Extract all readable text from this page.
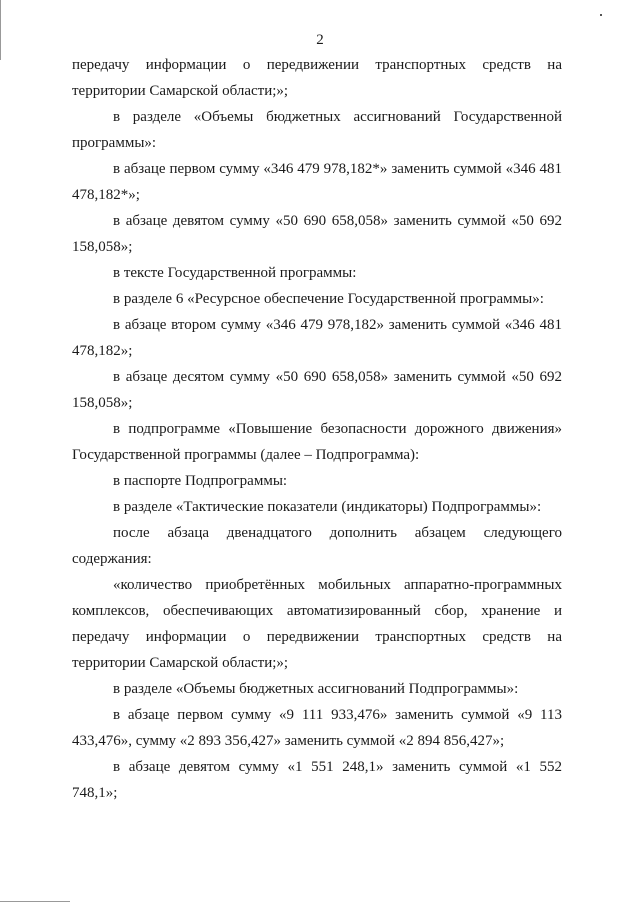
2

передачу информации о передвижении транспортных средств на территории Самарской области;»;

в разделе «Объемы бюджетных ассигнований Государственной программы»:

в абзаце первом сумму «346 479 978,182*» заменить суммой «346 481 478,182*»;

в абзаце девятом сумму «50 690 658,058» заменить суммой «50 692 158,058»;

в тексте Государственной программы:

в разделе 6 «Ресурсное обеспечение Государственной программы»:

в абзаце втором сумму «346 479 978,182» заменить суммой «346 481 478,182»;

в абзаце десятом сумму «50 690 658,058» заменить суммой «50 692 158,058»;

в подпрограмме «Повышение безопасности дорожного движения» Государственной программы (далее – Подпрограмма):

в паспорте Подпрограммы:

в разделе «Тактические показатели (индикаторы) Подпрограммы»:

после абзаца двенадцатого дополнить абзацем следующего содержания:

«количество приобретённых мобильных аппаратно-программных комплексов, обеспечивающих автоматизированный сбор, хранение и передачу информации о передвижении транспортных средств на территории Самарской области;»;

в разделе «Объемы бюджетных ассигнований Подпрограммы»:

в абзаце первом сумму «9 111 933,476» заменить суммой «9 113 433,476», сумму «2 893 356,427» заменить суммой «2 894 856,427»;

в абзаце девятом сумму «1 551 248,1» заменить суммой «1 552 748,1»;
